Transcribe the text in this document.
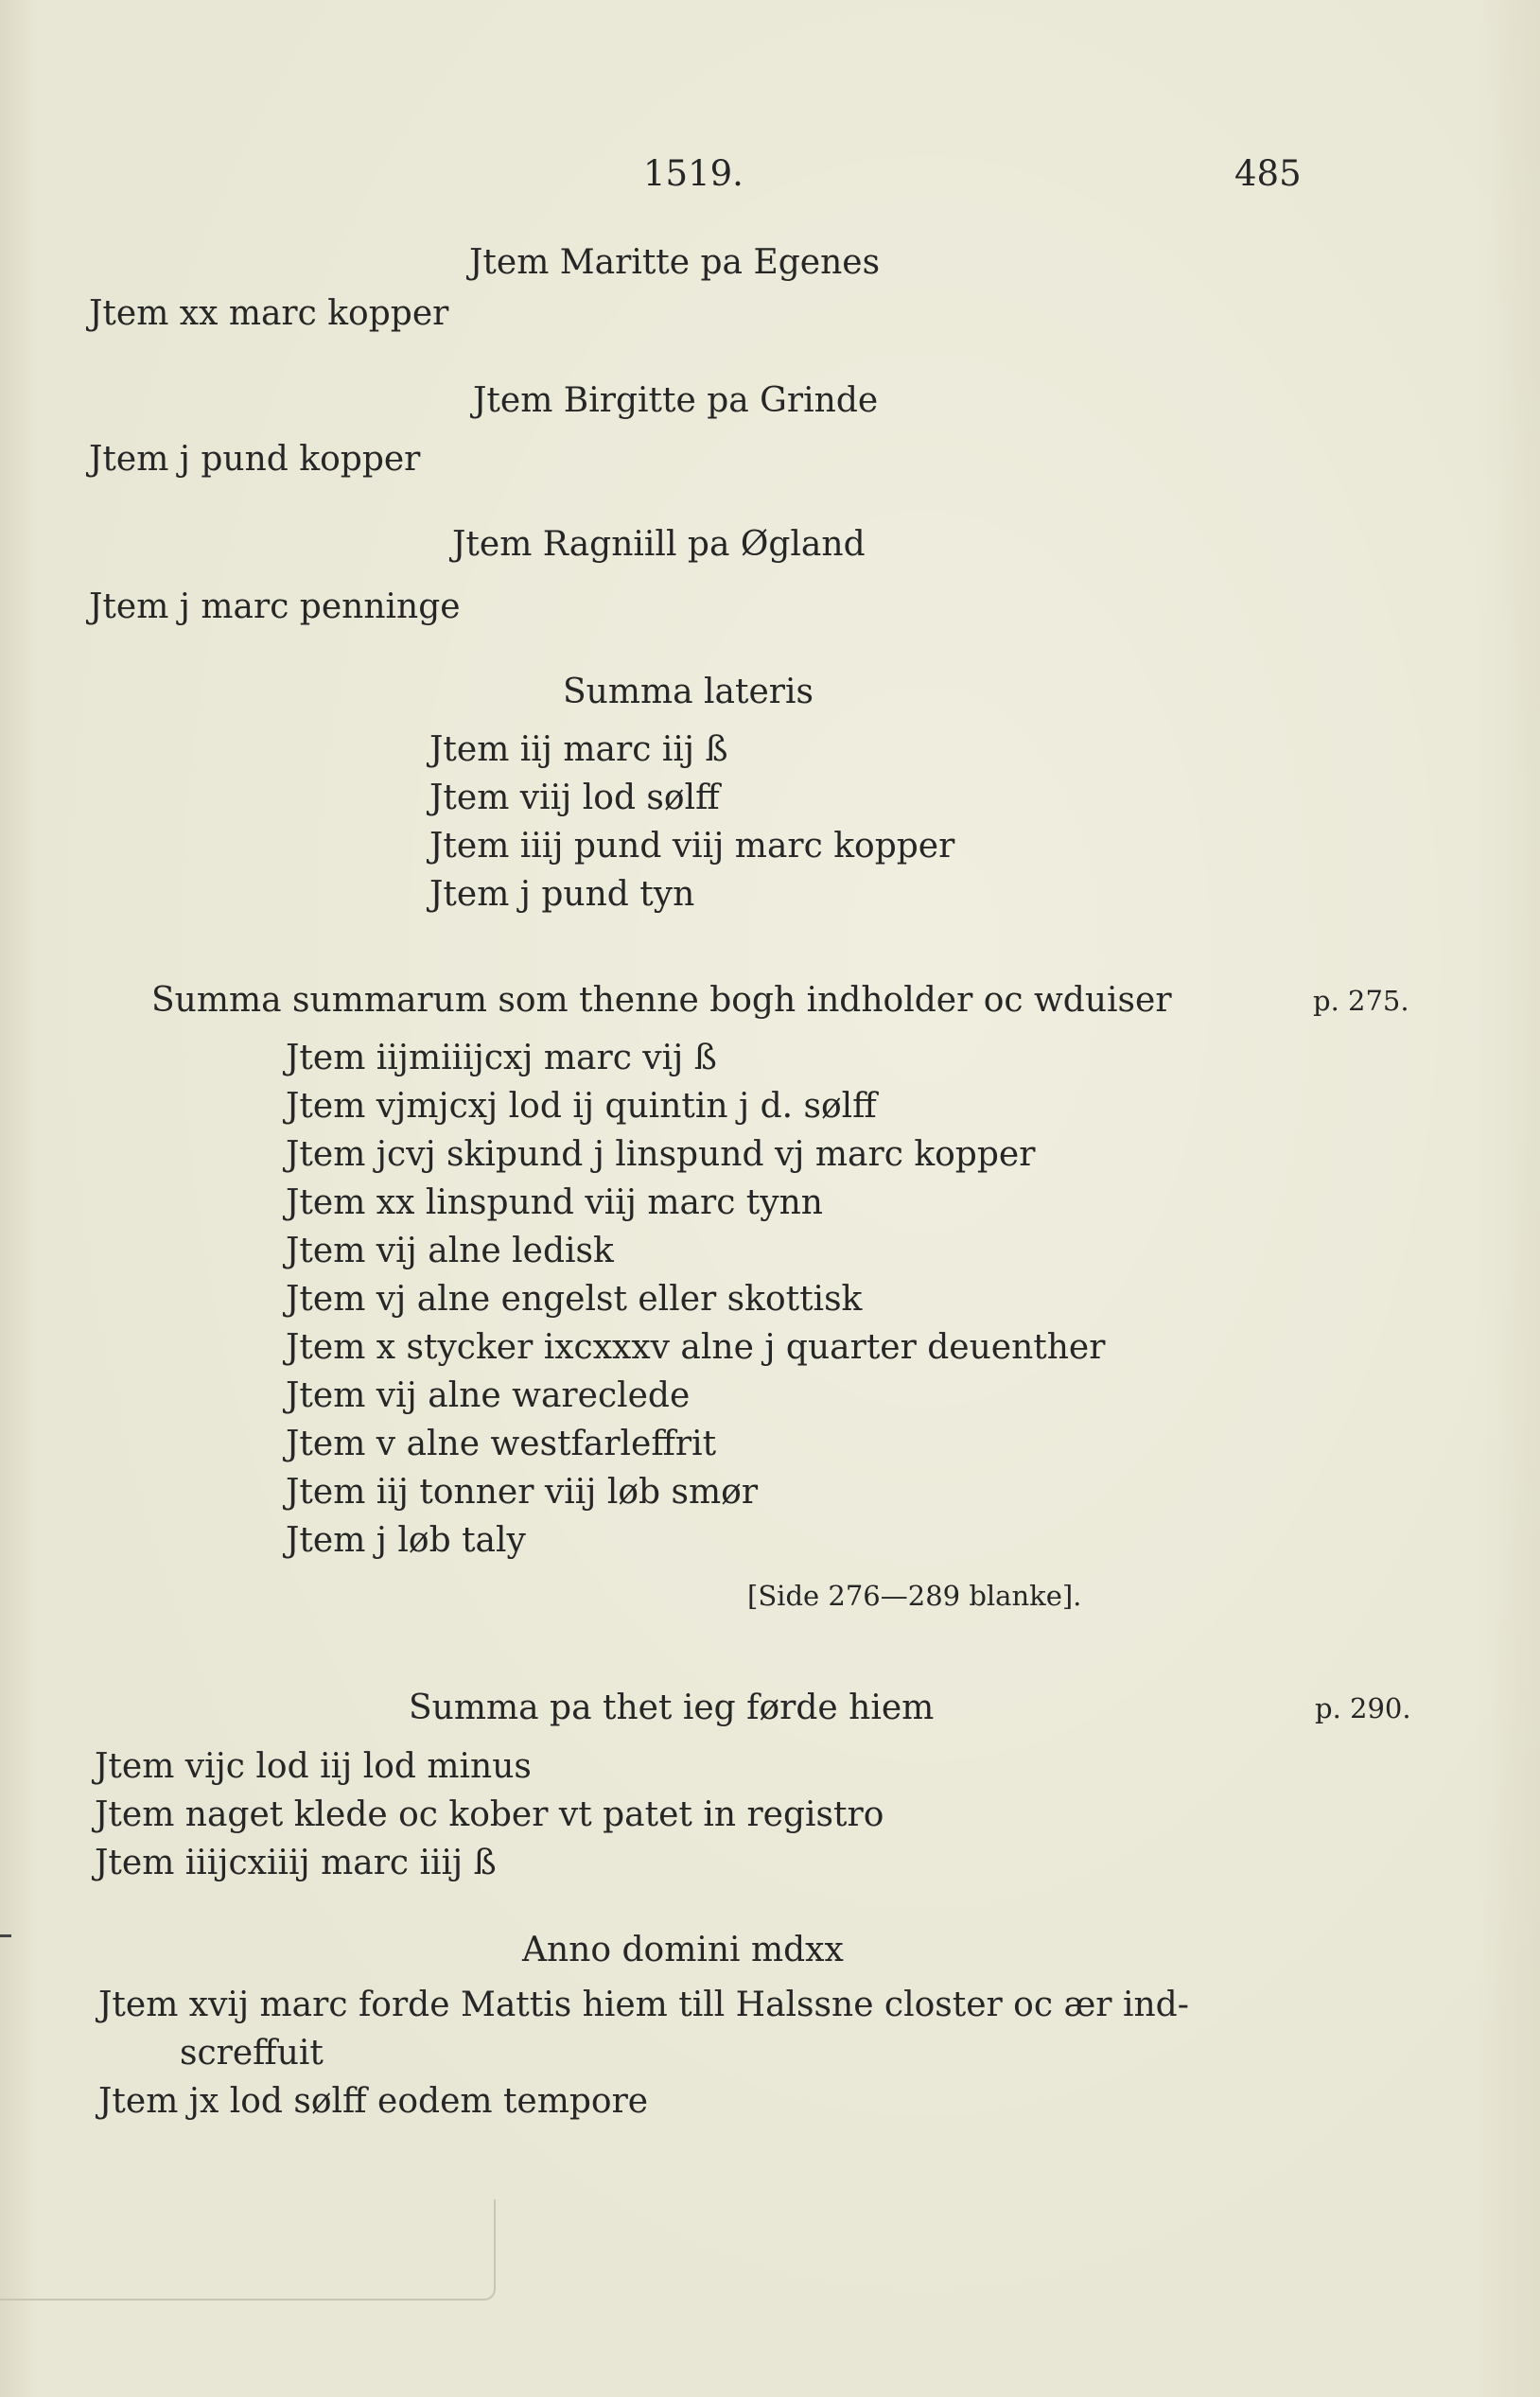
1519.	485
Jtem Maritte pa Egenes
Jtem xx marc kopper
Jtem Birgitte pa Grinde
Jtem j pund kopper
Jtem Ragniill pa Øgland
Jtem j marc penninge
Summa lateris
Jtem iij marc iij ß
Jtem viij lod sølff
Jtem iiij pund viij marc kopper
Jtem j pund tyn
Summa summarum som thenne bogh indholder oc wduiser	p. 275.
Jtem iijmiiijcxj marc vij ß
Jtem vjmjcxj lod ij quintin j d. sølff
Jtem jcvj skipund j linspund vj marc kopper
Jtem xx linspund viij marc tynn
Jtem vij alne ledisk
Jtem vj alne engelst eller skottisk
Jtem x stycker ixcxxxv alne j quarter deuenther
Jtem vij alne wareclede
Jtem v alne westfarleffrit
Jtem iij tonner viij løb smør
Jtem j løb taly
[Side 276—289 blanke].
Summa pa thet ieg førde hiem	p. 290.
Jtem vijc lod iij lod minus
Jtem naget klede oc kober vt patet in registro
Jtem iiijcxiiij marc iiij ß
Anno domini mdxx
Jtem xvij marc forde Mattis hiem till Halssne closter oc ær ind-
screffuit
Jtem jx lod sølff eodem tempore
